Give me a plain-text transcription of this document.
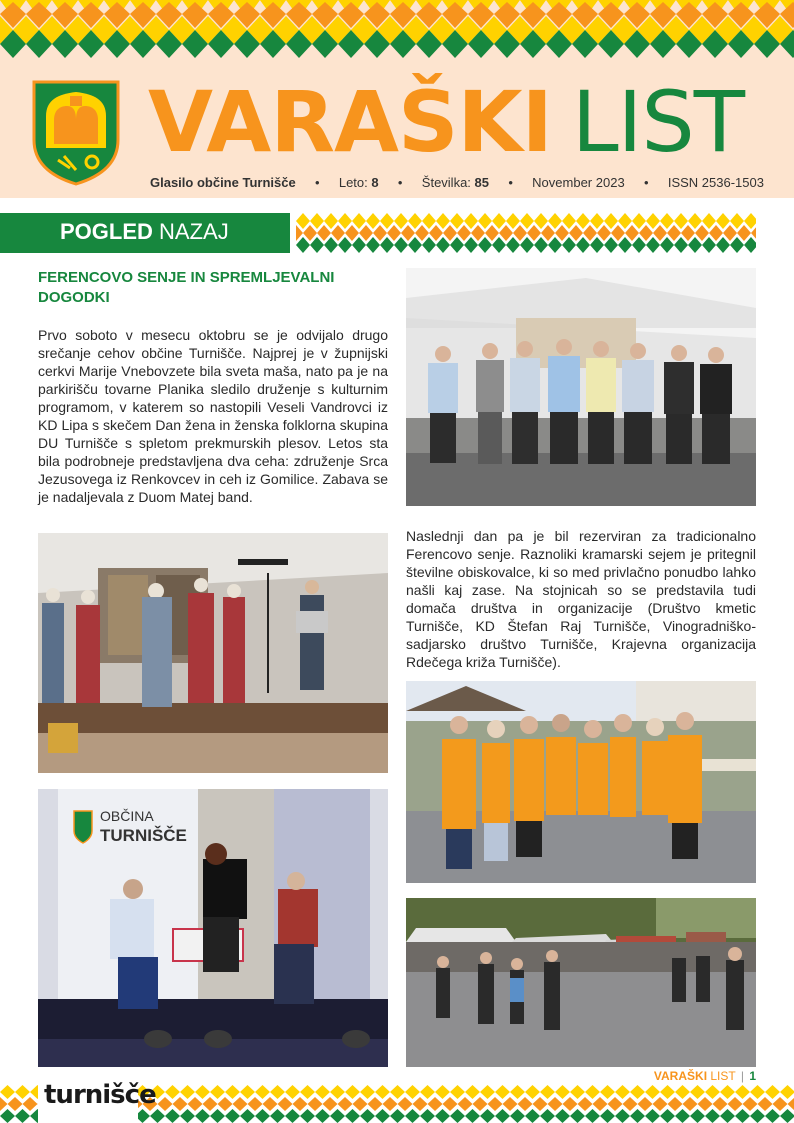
VARAŠKI LIST
Glasilo občine Turnišče • Leto: 8 • Številka: 85 • November 2023 • ISSN 2536-1503
POGLED NAZAJ
FERENCOVO SENJE IN SPREMLJEVALNI DOGODKI
Prvo soboto v mesecu oktobru se je odvijalo drugo srečanje cehov občine Turnišče. Najprej je v župnijski cerkvi Marije Vnebovzete bila sveta maša, nato pa je na parkirišču tovarne Planika sledilo druženje s kulturnim programom, v katerem so nastopili Veseli Vandrovci iz KD Lipa s skečem Dan žena in ženska folklorna skupina DU Turnišče s spletom prekmurskih plesov. Letos sta bila podrobneje predstavljena dva ceha: združenje Srca Jezusovega iz Renkovcev in ceh iz Gomilice. Zabava se je nadaljevala z Duom Matej band.
Naslednji dan pa je bil rezerviran za tradicionalno Ferencovo senje. Raznoliki kramarski sejem je pritegnil številne obiskovalce, ki so med privlačno ponudbo lahko našli kaj zase. Na stojnicah so se predstavila tudi domača društva in organizacije (Društvo kmetic Turnišče, KD Štefan Raj Turnišče, Vinogradniško-sadjarsko društvo Turnišče, Krajevna organizacija Rdečega križa Turnišče).
OBČINA
TURNIŠČE
turnišče
VARAŠKI LIST | 1
